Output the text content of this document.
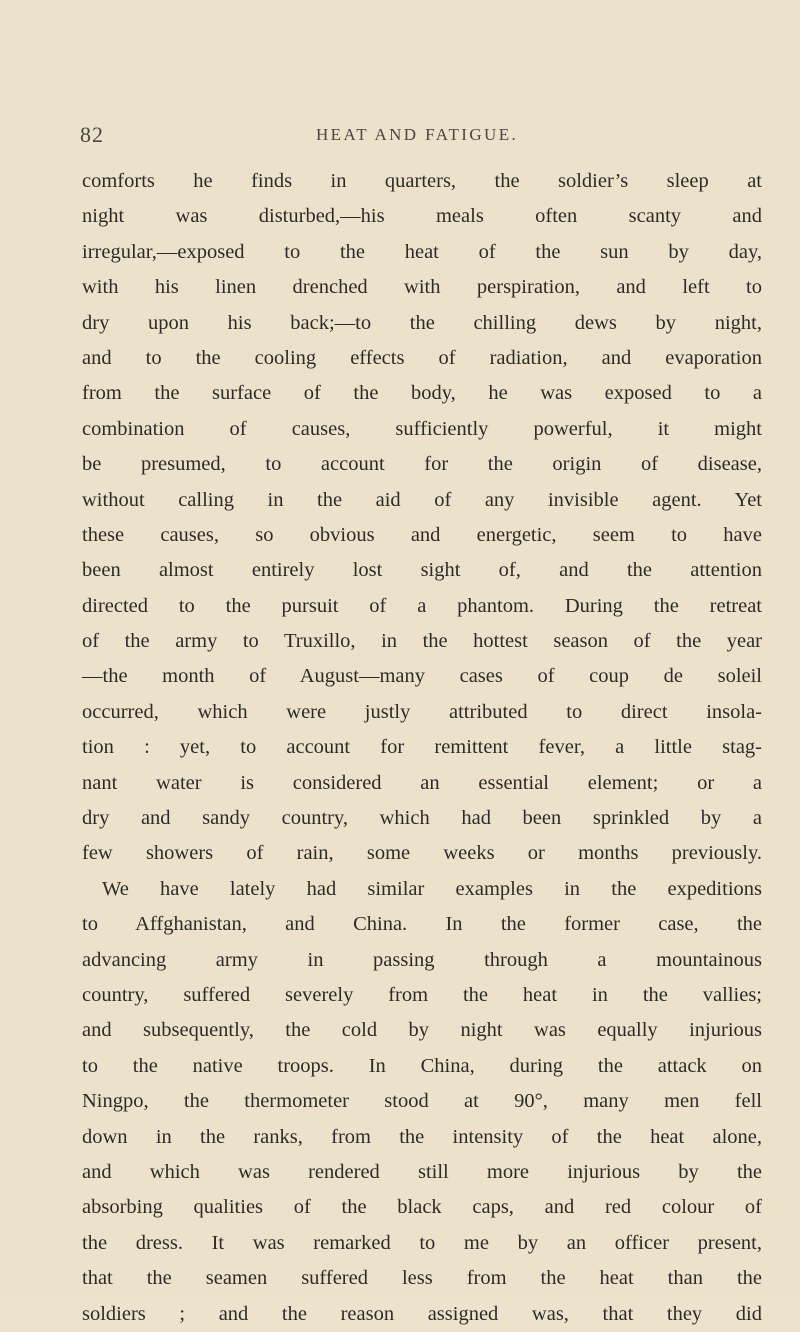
82	HEAT AND FATIGUE.
comforts he finds in quarters, the soldier’s sleep at
night was disturbed,—his meals often scanty and
irregular,—exposed to the heat of the sun by day,
with his linen drenched with perspiration, and left to
dry upon his back;—to the chilling dews by night,
and to the cooling effects of radiation, and evaporation
from the surface of the body, he was exposed to a
combination of causes, sufficiently powerful, it might
be presumed, to account for the origin of disease,
without calling in the aid of any invisible agent. Yet
these causes, so obvious and energetic, seem to have
been almost entirely lost sight of, and the attention
directed to the pursuit of a phantom. During the retreat
of the army to Truxillo, in the hottest season of the year
—the month of August—many cases of coup de soleil
occurred, which were justly attributed to direct insola-
tion : yet, to account for remittent fever, a little stag-
nant water is considered an essential element; or a
dry and sandy country, which had been sprinkled by a
few showers of rain, some weeks or months previously.
We have lately had similar examples in the expeditions
to Affghanistan, and China. In the former case, the
advancing army in passing through a mountainous
country, suffered severely from the heat in the vallies;
and subsequently, the cold by night was equally injurious
to the native troops. In China, during the attack on
Ningpo, the thermometer stood at 90°, many men fell
down in the ranks, from the intensity of the heat alone,
and which was rendered still more injurious by the
absorbing qualities of the black caps, and red colour of
the dress. It was remarked to me by an officer present,
that the seamen suffered less from the heat than the
soldiers ; and the reason assigned was, that they did
